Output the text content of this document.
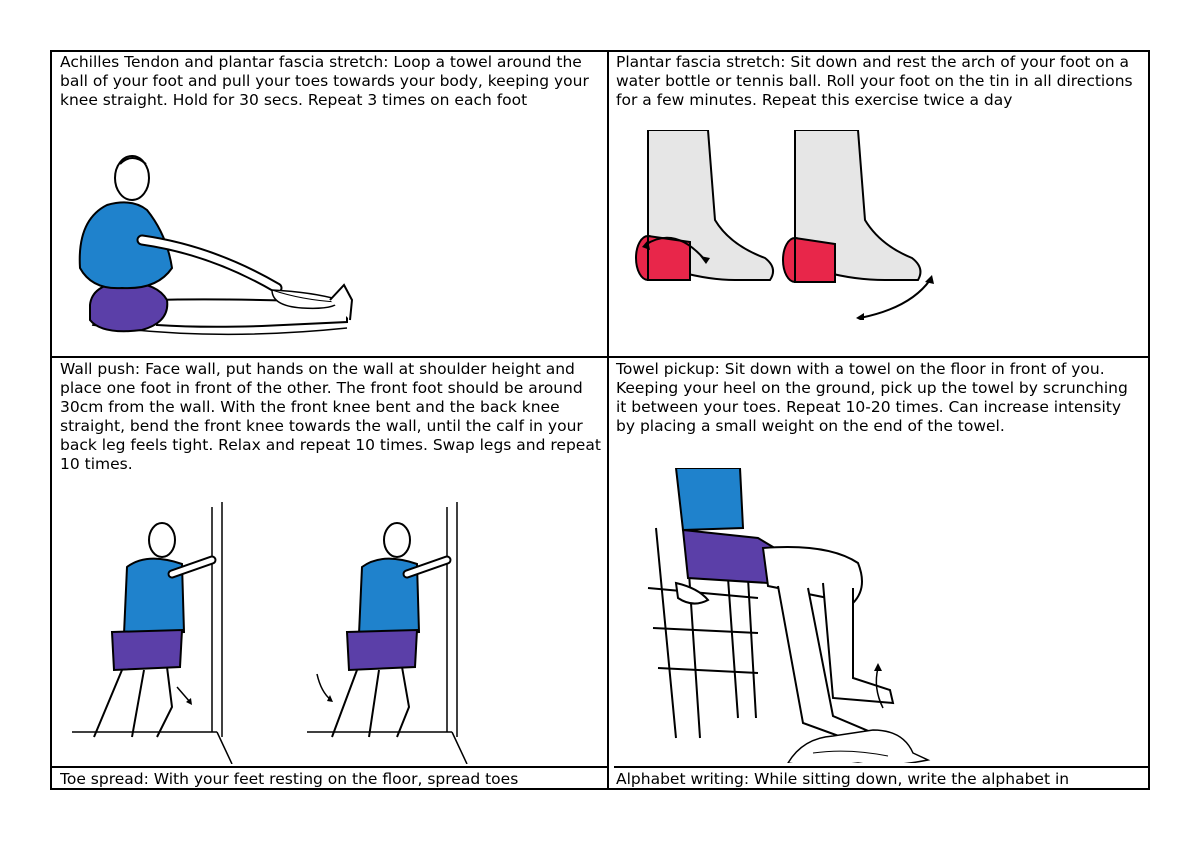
Achilles Tendon and plantar fascia stretch: Loop a towel around the ball of your foot and pull your toes towards your body, keeping your knee straight. Hold for 30 secs. Repeat 3 times on each foot
Plantar fascia stretch: Sit down and rest the arch of your foot on a water bottle or tennis ball. Roll your foot on the tin in all directions for a few minutes. Repeat this exercise twice a day
Wall push: Face wall, put hands on the wall at shoulder height and place one foot in front of the other. The front foot should be around 30cm from the wall. With the front knee bent and the back knee straight, bend the front knee towards the wall, until the calf in your back leg feels tight. Relax and repeat 10 times. Swap legs and repeat 10 times.
Towel pickup: Sit down with a towel on the floor in front of you. Keeping your heel on the ground, pick up the towel by scrunching it between your toes. Repeat 10-20 times. Can increase intensity by placing a small weight on the end of the towel.
Toe spread: With your feet resting on the floor, spread toes	Alphabet writing: While sitting down, write the alphabet in
